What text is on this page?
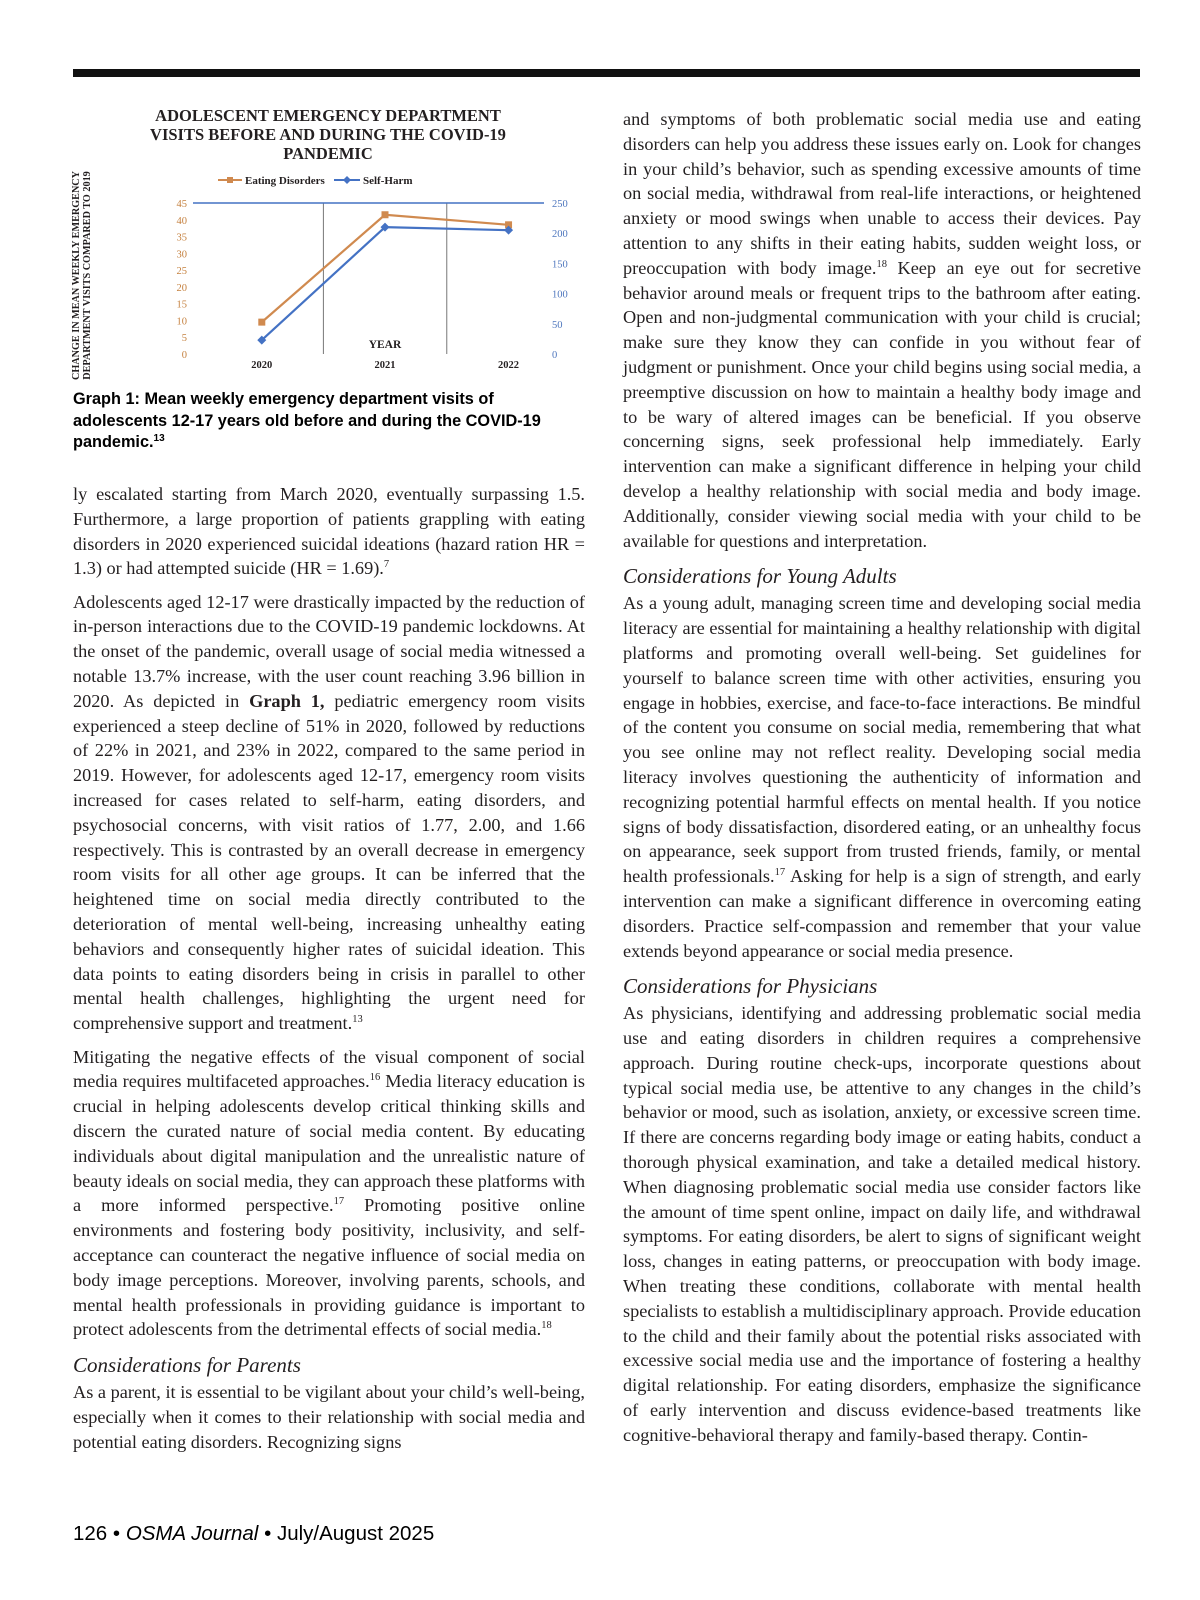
ADOLESCENT EMERGENCY DEPARTMENT
VISITS BEFORE AND DURING THE COVID-19
PANDEMIC
CHANGE IN MEAN WEEKLY EMERGENCY DEPARTMENT VISITS COMPARED TO 2019	Eating Disorders	Self-Harm
0
5
10
15
20
25
30
35
40
45
0
50
100
150
200
250
2020	2021	2022
YEAR
Graph 1: Mean weekly emergency department visits of adolescents 12-17 years old before and during the COVID-19 pandemic.$^{13}$

ly escalated starting from March 2020, eventually surpassing 1.5. Furthermore, a large proportion of patients grappling with eating disorders in 2020 experienced suicidal ideations (hazard ration HR = 1.3) or had attempted suicide (HR = 1.69).$^7$

Adolescents aged 12-17 were drastically impacted by the reduction of in-person interactions due to the COVID-19 pandemic lockdowns. At the onset of the pandemic, overall usage of social media witnessed a notable 13.7% increase, with the user count reaching 3.96 billion in 2020. As depicted in Graph 1, pediatric emergency room visits experienced a steep decline of 51% in 2020, followed by reductions of 22% in 2021, and 23% in 2022, compared to the same period in 2019. However, for adolescents aged 12-17, emergency room visits increased for cases related to self-harm, eating disorders, and psychosocial concerns, with visit ratios of 1.77, 2.00, and 1.66 respectively. This is contrasted by an overall decrease in emergency room visits for all other age groups. It can be inferred that the heightened time on social media directly contributed to the deterioration of mental well-being, increasing unhealthy eating behaviors and consequently higher rates of suicidal ideation. This data points to eating disorders being in crisis in parallel to other mental health challenges, highlighting the urgent need for comprehensive support and treatment.$^{13}$

Mitigating the negative effects of the visual component of social media requires multifaceted approaches.$^{16}$ Media literacy education is crucial in helping adolescents develop critical thinking skills and discern the curated nature of social media content. By educating individuals about digital manipulation and the unrealistic nature of beauty ideals on social media, they can approach these platforms with a more informed perspective.$^{17}$ Promoting positive online environments and fostering body positivity, inclusivity, and self-acceptance can counteract the negative influence of social media on body image perceptions. Moreover, involving parents, schools, and mental health professionals in providing guidance is important to protect adolescents from the detrimental effects of social media.$^{18}$

Considerations for Parents

As a parent, it is essential to be vigilant about your child’s well-being, especially when it comes to their relationship with social media and potential eating disorders. Recognizing signs

and symptoms of both problematic social media use and eating disorders can help you address these issues early on. Look for changes in your child’s behavior, such as spending excessive amounts of time on social media, withdrawal from real-life interactions, or heightened anxiety or mood swings when unable to access their devices. Pay attention to any shifts in their eating habits, sudden weight loss, or preoccupation with body image.$^{18}$ Keep an eye out for secretive behavior around meals or frequent trips to the bathroom after eating. Open and non-judgmental communication with your child is crucial; make sure they know they can confide in you without fear of judgment or punishment. Once your child begins using social media, a preemptive discussion on how to maintain a healthy body image and to be wary of altered images can be beneficial. If you observe concerning signs, seek professional help immediately. Early intervention can make a significant difference in helping your child develop a healthy relationship with social media and body image. Additionally, consider viewing social media with your child to be available for questions and interpretation.

Considerations for Young Adults

As a young adult, managing screen time and developing social media literacy are essential for maintaining a healthy relationship with digital platforms and promoting overall well-being. Set guidelines for yourself to balance screen time with other activities, ensuring you engage in hobbies, exercise, and face-to-face interactions. Be mindful of the content you consume on social media, remembering that what you see online may not reflect reality. Developing social media literacy involves questioning the authenticity of information and recognizing potential harmful effects on mental health. If you notice signs of body dissatisfaction, disordered eating, or an unhealthy focus on appearance, seek support from trusted friends, family, or mental health professionals.$^{17}$ Asking for help is a sign of strength, and early intervention can make a significant difference in overcoming eating disorders. Practice self-compassion and remember that your value extends beyond appearance or social media presence.

Considerations for Physicians

As physicians, identifying and addressing problematic social media use and eating disorders in children requires a comprehensive approach. During routine check-ups, incorporate questions about typical social media use, be attentive to any changes in the child’s behavior or mood, such as isolation, anxiety, or excessive screen time. If there are concerns regarding body image or eating habits, conduct a thorough physical examination, and take a detailed medical history. When diagnosing problematic social media use consider factors like the amount of time spent online, impact on daily life, and withdrawal symptoms. For eating disorders, be alert to signs of significant weight loss, changes in eating patterns, or preoccupation with body image. When treating these conditions, collaborate with mental health specialists to establish a multidisciplinary approach. Provide education to the child and their family about the potential risks associated with excessive social media use and the importance of fostering a healthy digital relationship. For eating disorders, emphasize the significance of early intervention and discuss evidence-based treatments like cognitive-behavioral therapy and family-based therapy. Contin-

126 • OSMA Journal • July/August 2025
